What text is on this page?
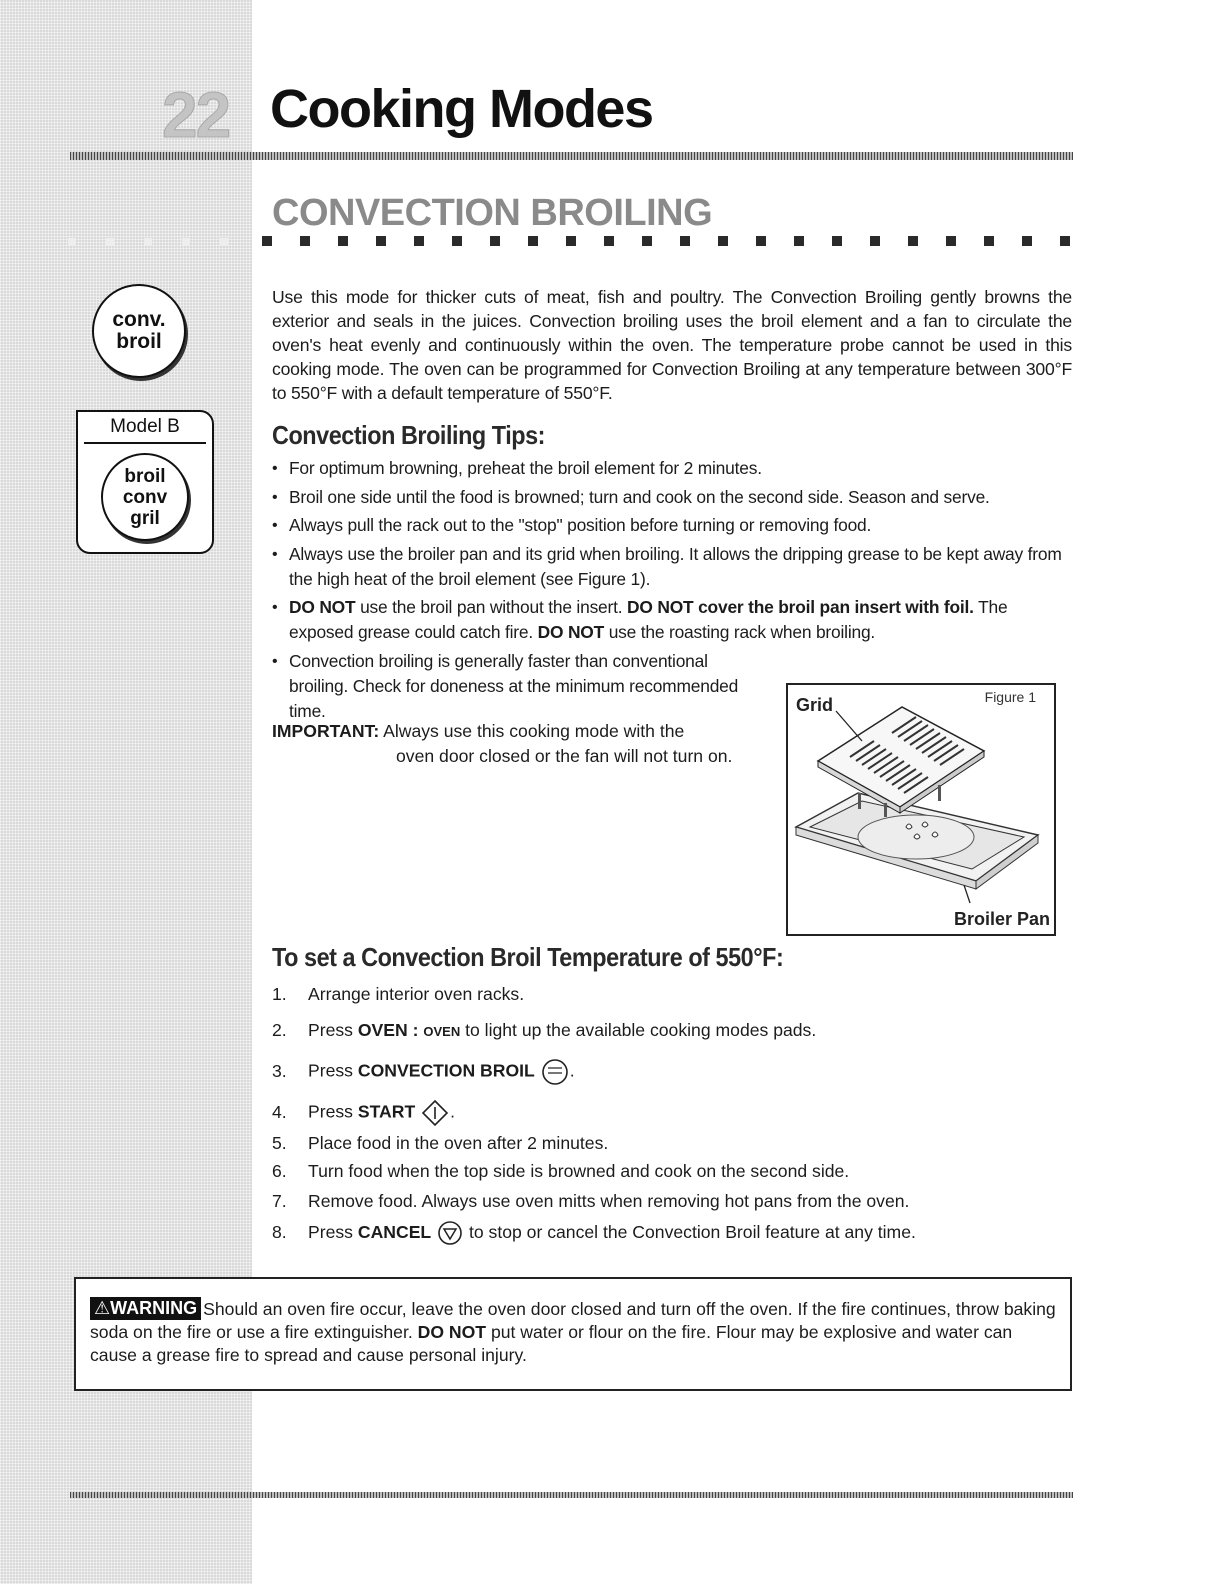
22 Cooking Modes
CONVECTION BROILING
conv.
broil
Model B
broil
conv
gril

Use this mode for thicker cuts of meat, fish and poultry. The Convection Broiling gently browns the exterior and seals in the juices. Convection broiling uses the broil element and a fan to circulate the oven's heat evenly and continuously within the oven. The temperature probe cannot be used in this cooking mode. The oven can be programmed for Convection Broiling at any temperature between 300°F to 550°F with a default temperature of 550°F.

Convection Broiling Tips:
• For optimum browning, preheat the broil element for 2 minutes.
• Broil one side until the food is browned; turn and cook on the second side. Season and serve.
• Always pull the rack out to the "stop" position before turning or removing food.
• Always use the broiler pan and its grid when broiling. It allows the dripping grease to be kept away from the high heat of the broil element (see Figure 1).
• DO NOT use the broil pan without the insert. DO NOT cover the broil pan insert with foil. The exposed grease could catch fire. DO NOT use the roasting rack when broiling.
• Convection broiling is generally faster than conventional broiling. Check for doneness at the minimum recommended time.

IMPORTANT: Always use this cooking mode with the
oven door closed or the fan will not turn on.

Figure 1
Grid
Broiler Pan
To set a Convection Broil Temperature of 550°F:
1. Arrange interior oven racks.
2. Press OVEN : OVEN to light up the available cooking modes pads.
3. Press CONVECTION BROIL .
4. Press START .
5. Place food in the oven after 2 minutes.
6. Turn food when the top side is browned and cook on the second side.
7. Remove food. Always use oven mitts when removing hot pans from the oven.
8. Press CANCEL  to stop or cancel the Convection Broil feature at any time.

⚠WARNING Should an oven fire occur, leave the oven door closed and turn off the oven. If the fire continues, throw baking soda on the fire or use a fire extinguisher. DO NOT put water or flour on the fire. Flour may be explosive and water can cause a grease fire to spread and cause personal injury.
